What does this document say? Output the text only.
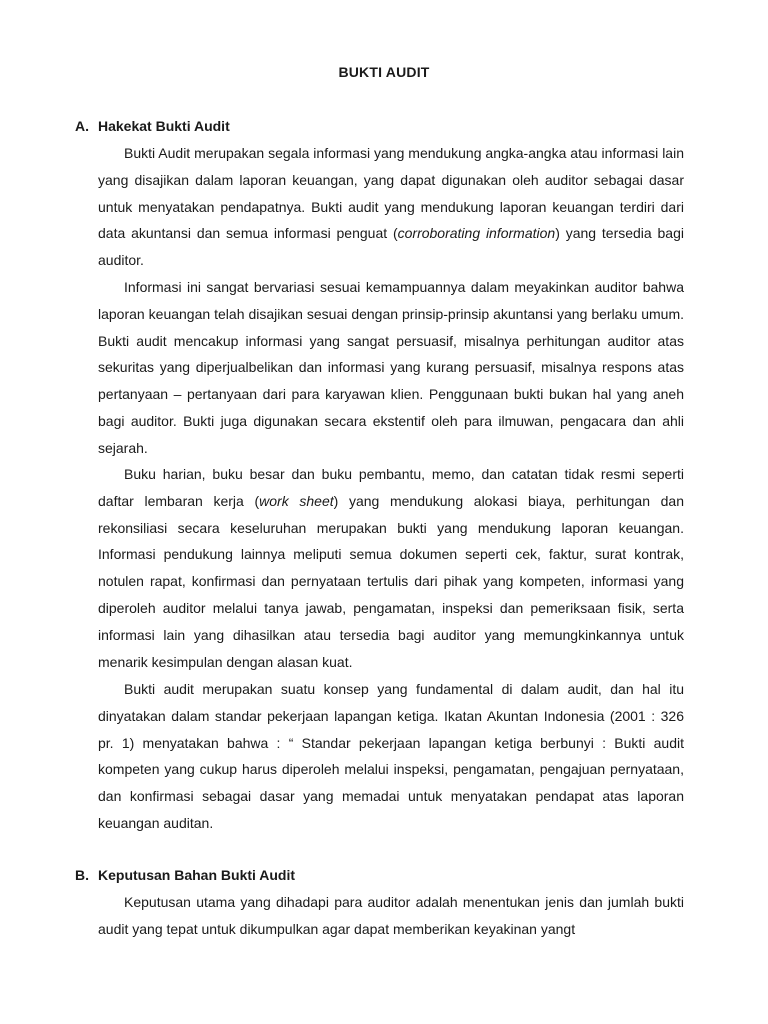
BUKTI AUDIT
A. Hakekat Bukti Audit

Bukti Audit merupakan segala informasi yang mendukung angka-angka atau informasi lain yang disajikan dalam laporan keuangan, yang dapat digunakan oleh auditor sebagai dasar untuk menyatakan pendapatnya. Bukti audit yang mendukung laporan keuangan terdiri dari data akuntansi dan semua informasi penguat (corroborating information) yang tersedia bagi auditor.

Informasi ini sangat bervariasi sesuai kemampuannya dalam meyakinkan auditor bahwa laporan keuangan telah disajikan sesuai dengan prinsip-prinsip akuntansi yang berlaku umum. Bukti audit mencakup informasi yang sangat persuasif, misalnya perhitungan auditor atas sekuritas yang diperjualbelikan dan informasi yang kurang persuasif, misalnya respons atas pertanyaan – pertanyaan dari para karyawan klien. Penggunaan bukti bukan hal yang aneh bagi auditor. Bukti juga digunakan secara ekstentif oleh para ilmuwan, pengacara dan ahli sejarah.

Buku harian, buku besar dan buku pembantu, memo, dan catatan tidak resmi seperti daftar lembaran kerja (work sheet) yang mendukung alokasi biaya, perhitungan dan rekonsiliasi secara keseluruhan merupakan bukti yang mendukung laporan keuangan. Informasi pendukung lainnya meliputi semua dokumen seperti cek, faktur, surat kontrak, notulen rapat, konfirmasi dan pernyataan tertulis dari pihak yang kompeten, informasi yang diperoleh auditor melalui tanya jawab, pengamatan, inspeksi dan pemeriksaan fisik, serta informasi lain yang dihasilkan atau tersedia bagi auditor yang memungkinkannya untuk menarik kesimpulan dengan alasan kuat.

Bukti audit merupakan suatu konsep yang fundamental di dalam audit, dan hal itu dinyatakan dalam standar pekerjaan lapangan ketiga. Ikatan Akuntan Indonesia (2001 : 326 pr. 1) menyatakan bahwa : “ Standar pekerjaan lapangan ketiga berbunyi : Bukti audit kompeten yang cukup harus diperoleh melalui inspeksi, pengamatan, pengajuan pernyataan, dan konfirmasi sebagai dasar yang memadai untuk menyatakan pendapat atas laporan keuangan auditan.

B. Keputusan Bahan Bukti Audit

Keputusan utama yang dihadapi para auditor adalah menentukan jenis dan jumlah bukti audit yang tepat untuk dikumpulkan agar dapat memberikan keyakinan yangt
